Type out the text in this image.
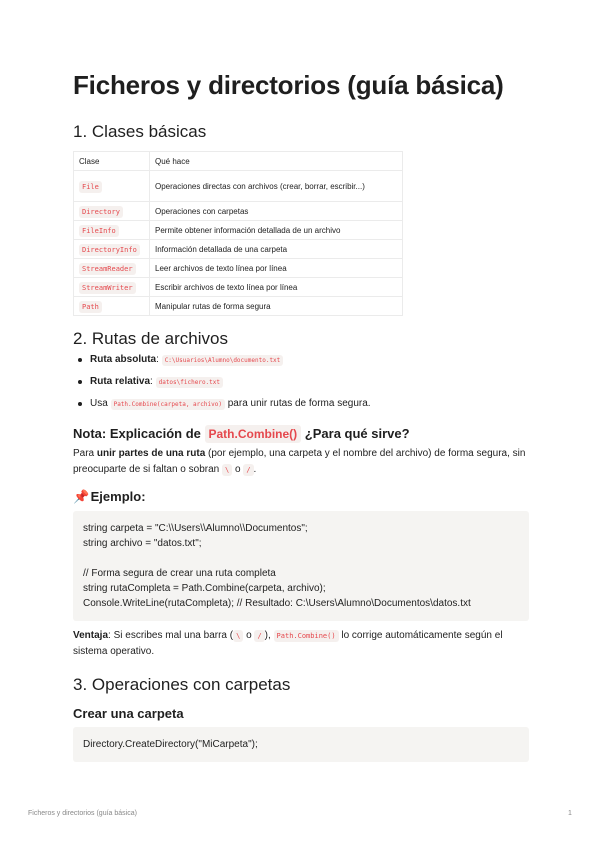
Ficheros y directorios (guía básica)
1. Clases básicas
Clase	Qué hace
File	Operaciones directas con archivos (crear, borrar, escribir...)
Directory	Operaciones con carpetas
FileInfo	Permite obtener información detallada de un archivo
DirectoryInfo	Información detallada de una carpeta
StreamReader	Leer archivos de texto línea por línea
StreamWriter	Escribir archivos de texto línea por línea
Path	Manipular rutas de forma segura
2. Rutas de archivos
Ruta absoluta: C:\Usuarios\Alumno\documento.txt
Ruta relativa: datos\fichero.txt
Usa Path.Combine(carpeta, archivo) para unir rutas de forma segura.
Nota: Explicación de Path.Combine() ¿Para qué sirve?
Para unir partes de una ruta (por ejemplo, una carpeta y el nombre del archivo) de forma segura, sin preocuparte de si faltan o sobran \ o / .
📌 Ejemplo:
string carpeta = "C:\\Users\\Alumno\\Documentos";
string archivo = "datos.txt";
// Forma segura de crear una ruta completa
string rutaCompleta = Path.Combine(carpeta, archivo);
Console.WriteLine(rutaCompleta); // Resultado: C:\Users\Alumno\Documentos\datos.txt
Ventaja: Si escribes mal una barra ( \ o / ), Path.Combine() lo corrige automáticamente según el sistema operativo.
3. Operaciones con carpetas
Crear una carpeta
Directory.CreateDirectory("MiCarpeta");
Ficheros y directorios (guía básica)	1
